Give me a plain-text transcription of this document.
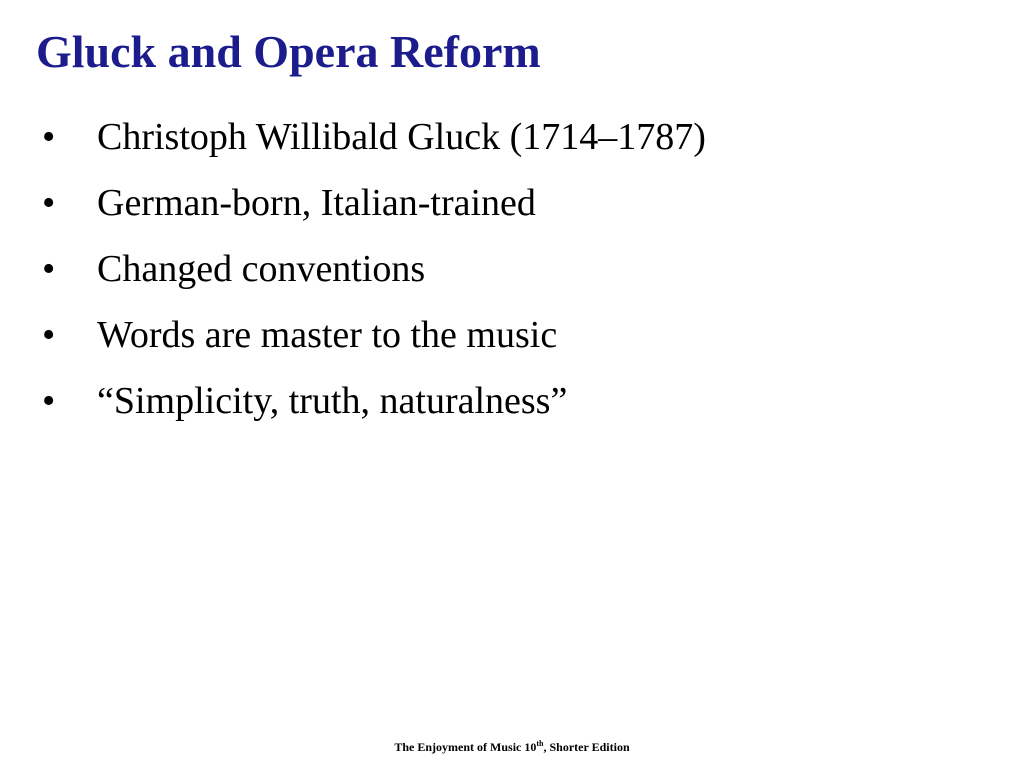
Gluck and Opera Reform
• Christoph Willibald Gluck (1714–1787)
• German-born, Italian-trained
• Changed conventions
• Words are master to the music
• “Simplicity, truth, naturalness”
The Enjoyment of Music 10th, Shorter Edition
